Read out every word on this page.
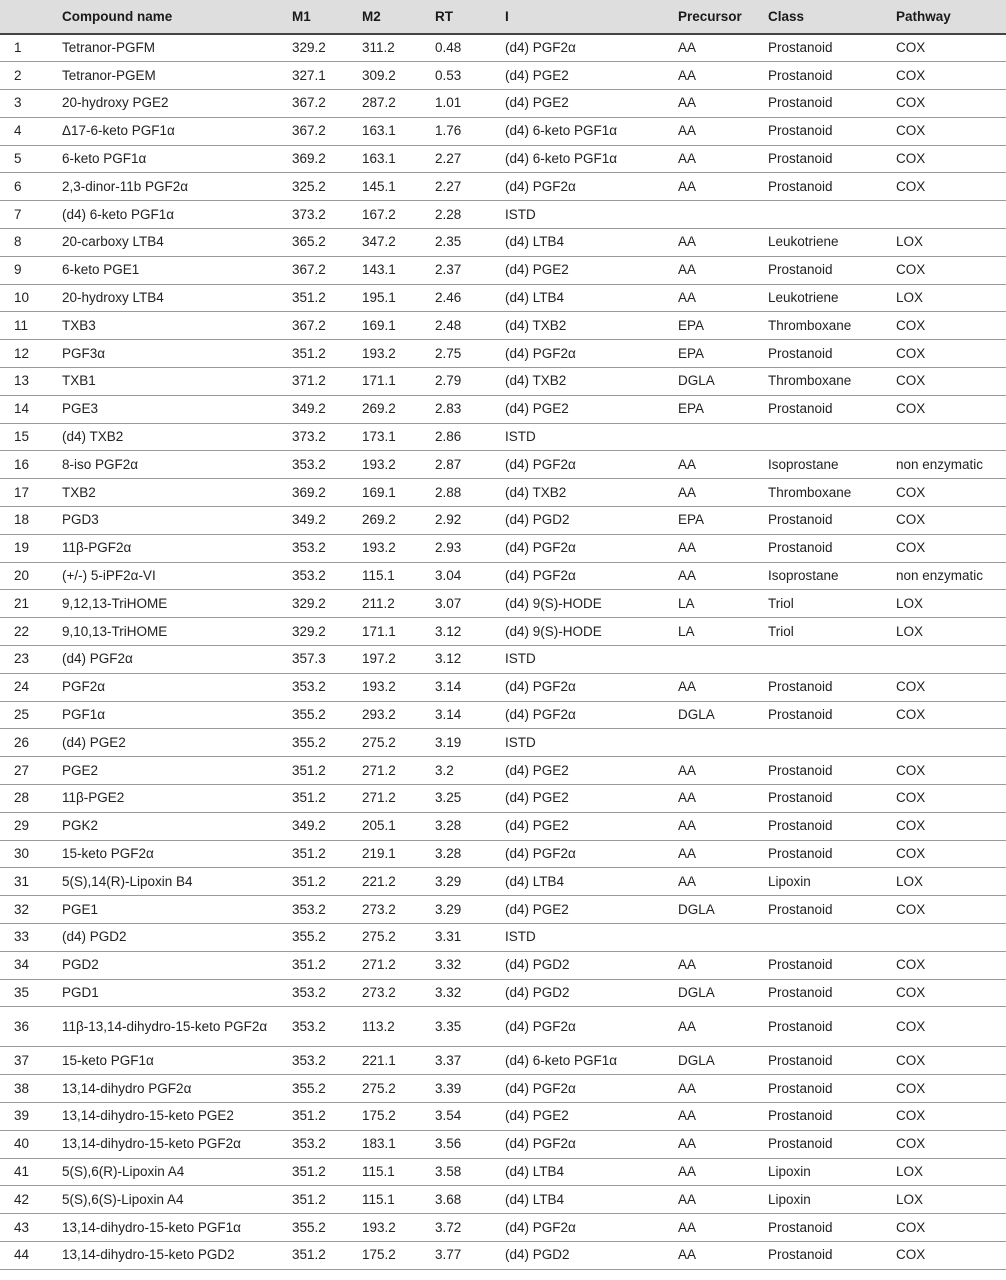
	Compound name	M1	M2	RT	I	Precursor	Class	Pathway
1	Tetranor-PGFM	329.2	311.2	0.48	(d4) PGF2α	AA	Prostanoid	COX
2	Tetranor-PGEM	327.1	309.2	0.53	(d4) PGE2	AA	Prostanoid	COX
3	20-hydroxy PGE2	367.2	287.2	1.01	(d4) PGE2	AA	Prostanoid	COX
4	Δ17-6-keto PGF1α	367.2	163.1	1.76	(d4) 6-keto PGF1α	AA	Prostanoid	COX
5	6-keto PGF1α	369.2	163.1	2.27	(d4) 6-keto PGF1α	AA	Prostanoid	COX
6	2,3-dinor-11b PGF2α	325.2	145.1	2.27	(d4) PGF2α	AA	Prostanoid	COX
7	(d4) 6-keto PGF1α	373.2	167.2	2.28	ISTD			
8	20-carboxy LTB4	365.2	347.2	2.35	(d4) LTB4	AA	Leukotriene	LOX
9	6-keto PGE1	367.2	143.1	2.37	(d4) PGE2	AA	Prostanoid	COX
10	20-hydroxy LTB4	351.2	195.1	2.46	(d4) LTB4	AA	Leukotriene	LOX
11	TXB3	367.2	169.1	2.48	(d4) TXB2	EPA	Thromboxane	COX
12	PGF3α	351.2	193.2	2.75	(d4) PGF2α	EPA	Prostanoid	COX
13	TXB1	371.2	171.1	2.79	(d4) TXB2	DGLA	Thromboxane	COX
14	PGE3	349.2	269.2	2.83	(d4) PGE2	EPA	Prostanoid	COX
15	(d4) TXB2	373.2	173.1	2.86	ISTD			
16	8-iso PGF2α	353.2	193.2	2.87	(d4) PGF2α	AA	Isoprostane	non enzymatic
17	TXB2	369.2	169.1	2.88	(d4) TXB2	AA	Thromboxane	COX
18	PGD3	349.2	269.2	2.92	(d4) PGD2	EPA	Prostanoid	COX
19	11β-PGF2α	353.2	193.2	2.93	(d4) PGF2α	AA	Prostanoid	COX
20	(+/-) 5-iPF2α-VI	353.2	115.1	3.04	(d4) PGF2α	AA	Isoprostane	non enzymatic
21	9,12,13-TriHOME	329.2	211.2	3.07	(d4) 9(S)-HODE	LA	Triol	LOX
22	9,10,13-TriHOME	329.2	171.1	3.12	(d4) 9(S)-HODE	LA	Triol	LOX
23	(d4) PGF2α	357.3	197.2	3.12	ISTD			
24	PGF2α	353.2	193.2	3.14	(d4) PGF2α	AA	Prostanoid	COX
25	PGF1α	355.2	293.2	3.14	(d4) PGF2α	DGLA	Prostanoid	COX
26	(d4) PGE2	355.2	275.2	3.19	ISTD			
27	PGE2	351.2	271.2	3.2	(d4) PGE2	AA	Prostanoid	COX
28	11β-PGE2	351.2	271.2	3.25	(d4) PGE2	AA	Prostanoid	COX
29	PGK2	349.2	205.1	3.28	(d4) PGE2	AA	Prostanoid	COX
30	15-keto PGF2α	351.2	219.1	3.28	(d4) PGF2α	AA	Prostanoid	COX
31	5(S),14(R)-Lipoxin B4	351.2	221.2	3.29	(d4) LTB4	AA	Lipoxin	LOX
32	PGE1	353.2	273.2	3.29	(d4) PGE2	DGLA	Prostanoid	COX
33	(d4) PGD2	355.2	275.2	3.31	ISTD			
34	PGD2	351.2	271.2	3.32	(d4) PGD2	AA	Prostanoid	COX
35	PGD1	353.2	273.2	3.32	(d4) PGD2	DGLA	Prostanoid	COX
36	11β-13,14-dihydro-15-keto PGF2α	353.2	113.2	3.35	(d4) PGF2α	AA	Prostanoid	COX
37	15-keto PGF1α	353.2	221.1	3.37	(d4) 6-keto PGF1α	DGLA	Prostanoid	COX
38	13,14-dihydro PGF2α	355.2	275.2	3.39	(d4) PGF2α	AA	Prostanoid	COX
39	13,14-dihydro-15-keto PGE2	351.2	175.2	3.54	(d4) PGE2	AA	Prostanoid	COX
40	13,14-dihydro-15-keto PGF2α	353.2	183.1	3.56	(d4) PGF2α	AA	Prostanoid	COX
41	5(S),6(R)-Lipoxin A4	351.2	115.1	3.58	(d4) LTB4	AA	Lipoxin	LOX
42	5(S),6(S)-Lipoxin A4	351.2	115.1	3.68	(d4) LTB4	AA	Lipoxin	LOX
43	13,14-dihydro-15-keto PGF1α	355.2	193.2	3.72	(d4) PGF2α	AA	Prostanoid	COX
44	13,14-dihydro-15-keto PGD2	351.2	175.2	3.77	(d4) PGD2	AA	Prostanoid	COX
